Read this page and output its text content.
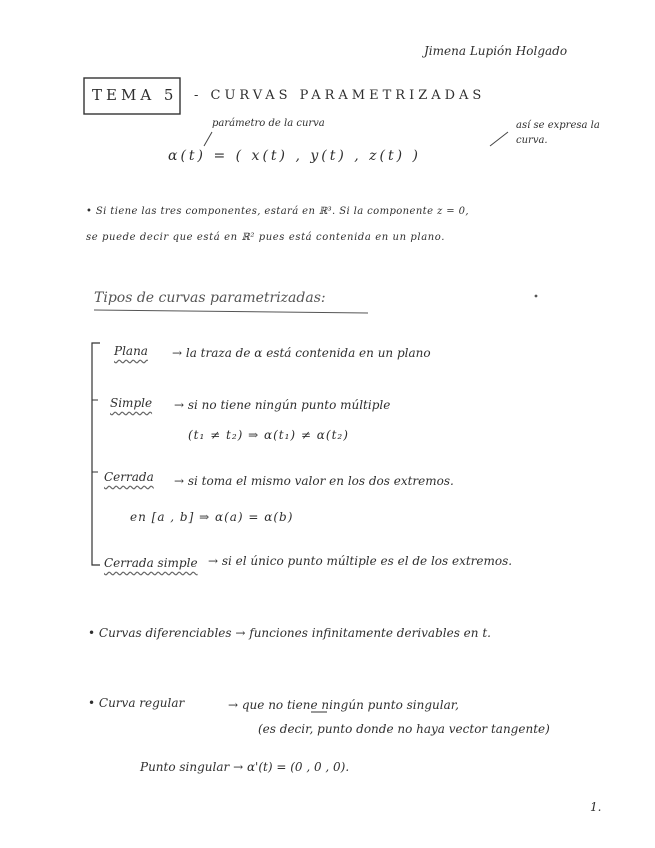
Jimena Lupión Holgado
TEMA 5 - CURVAS PARAMETRIZADAS
parámetro de la curva	así se expresa la curva.
α(t) = ( x(t) , y(t) , z(t) )
• Si tiene las tres componentes, estará en ℝ³. Si la componente z = 0,
se puede decir que está en ℝ² pues está contenida en un plano.
Tipos de curvas parametrizadas:
Plana → la traza de α está contenida en un plano
Simple → si no tiene ningún punto múltiple
(t₁ ≠ t₂) ⇒ α(t₁) ≠ α(t₂)
Cerrada → si toma el mismo valor en los dos extremos.
en [a , b] ⇒ α(a) = α(b)
Cerrada simple → si el único punto múltiple es el de los extremos.
• Curvas diferenciables → funciones infinitamente derivables en t.
• Curva regular	→ que no tiene ningún punto singular,
(es decir, punto donde no haya vector tangente)
Punto singular → α'(t) = (0 , 0 , 0).
1.
